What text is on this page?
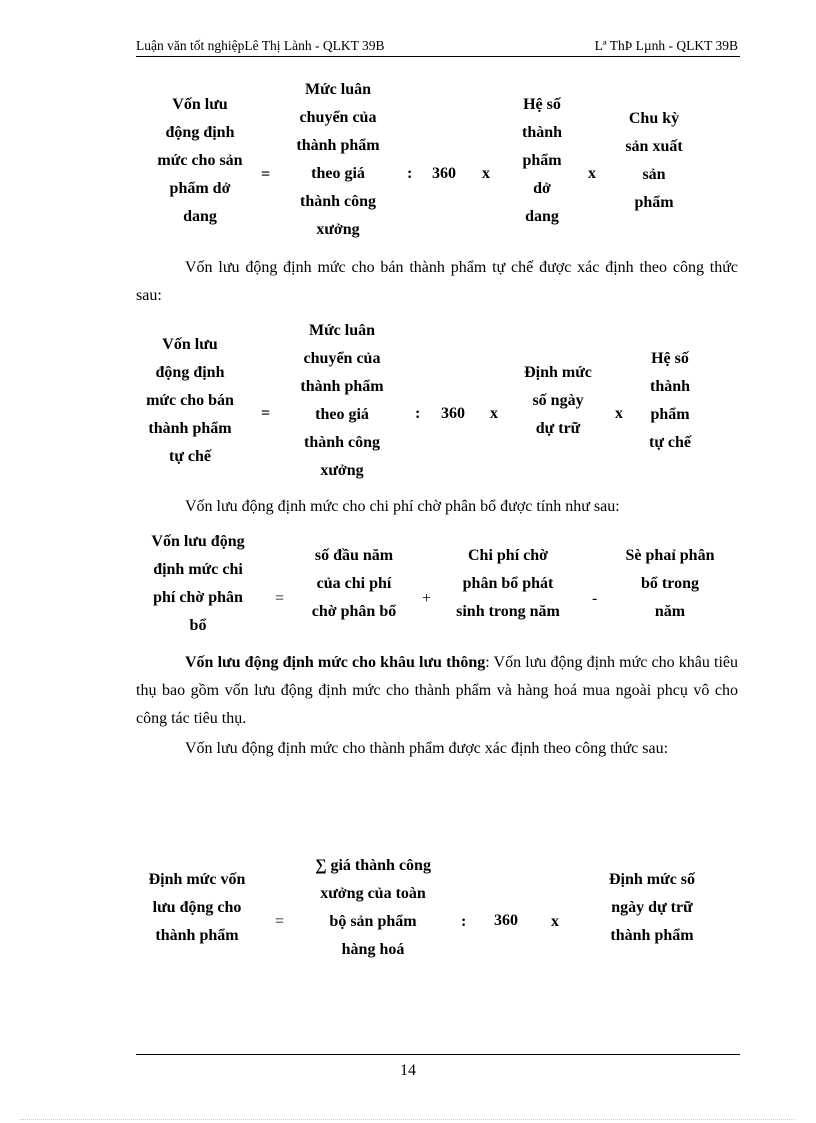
Luận văn tốt nghiệpLê Thị Lành - QLKT 39B	Lª ThÞ Lµnh - QLKT 39B
Vốn lưu
động định
mức cho sản
phẩm dở
dang
=
Mức luân
chuyển của
thành phẩm
theo giá
thành công
xưởng
: 360 x
Hệ số
thành
phẩm
dở
dang
x
Chu kỳ
sản xuất
sản
phẩm
Vốn lưu động định mức cho bán thành phẩm tự chế được xác định theo công thức sau:
Vốn lưu
động định
mức cho bán
thành phẩm
tự chế
=
Mức luân
chuyển của
thành phẩm
theo giá
thành công
xưởng
: 360 x
Định mức
số ngày
dự trữ
x
Hệ số
thành
phẩm
tự chế
Vốn lưu động định mức cho chi phí chờ phân bổ được tính như sau:
Vốn lưu động
định mức chi
phí chờ phân
bổ
=
số đầu năm
của chi phí
chờ phân bổ
+
Chi phí chờ
phân bổ phát
sinh trong năm
-
Sè phaỉ phân
bổ trong
năm
Vốn lưu động định mức cho khâu lưu thông: Vốn lưu động định mức cho khâu tiêu thụ bao gồm vốn lưu động định mức cho thành phẩm và hàng hoá mua ngoài phcụ vô cho công tác tiêu thụ.
Vốn lưu động định mức cho thành phẩm được xác định theo công thức sau:
Định mức vốn
lưu động cho
thành phẩm
=
∑ giá thành công
xưởng của toàn
bộ sản phẩm
hàng hoá
: 360 x
Định mức số
ngày dự trữ
thành phẩm
14
